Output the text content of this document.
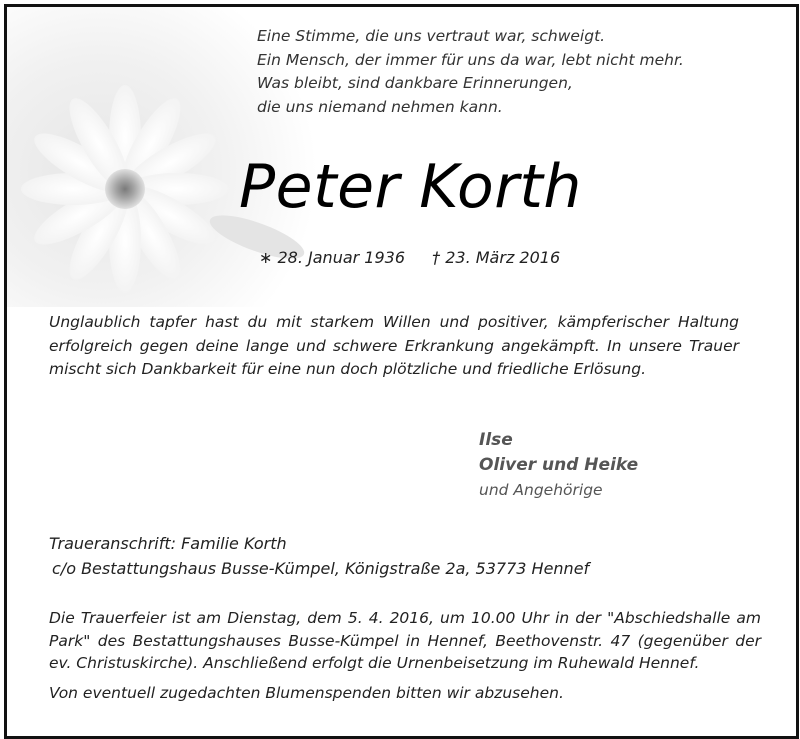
Eine Stimme, die uns vertraut war, schweigt.
Ein Mensch, der immer für uns da war, lebt nicht mehr.
Was bleibt, sind dankbare Erinnerungen,
die uns niemand nehmen kann.
Peter Korth
∗ 28. Januar 1936 † 23. März 2016
Unglaublich tapfer hast du mit starkem Willen und positiver, kämpferischer Haltung erfolgreich gegen deine lange und schwere Erkrankung angekämpft. In unsere Trauer mischt sich Dankbarkeit für eine nun doch plötzliche und friedliche Erlösung.
Ilse
Oliver und Heike
und Angehörige
Traueranschrift: Familie Korth
c/o Bestattungshaus Busse-Kümpel, Königstraße 2a, 53773 Hennef
Die Trauerfeier ist am Dienstag, dem 5. 4. 2016, um 10.00 Uhr in der "Abschiedshalle am Park" des Bestattungshauses Busse-Kümpel in Hennef, Beethovenstr. 47 (gegenüber der ev. Christuskirche). Anschließend erfolgt die Urnenbeisetzung im Ruhewald Hennef.
Von eventuell zugedachten Blumenspenden bitten wir abzusehen.
